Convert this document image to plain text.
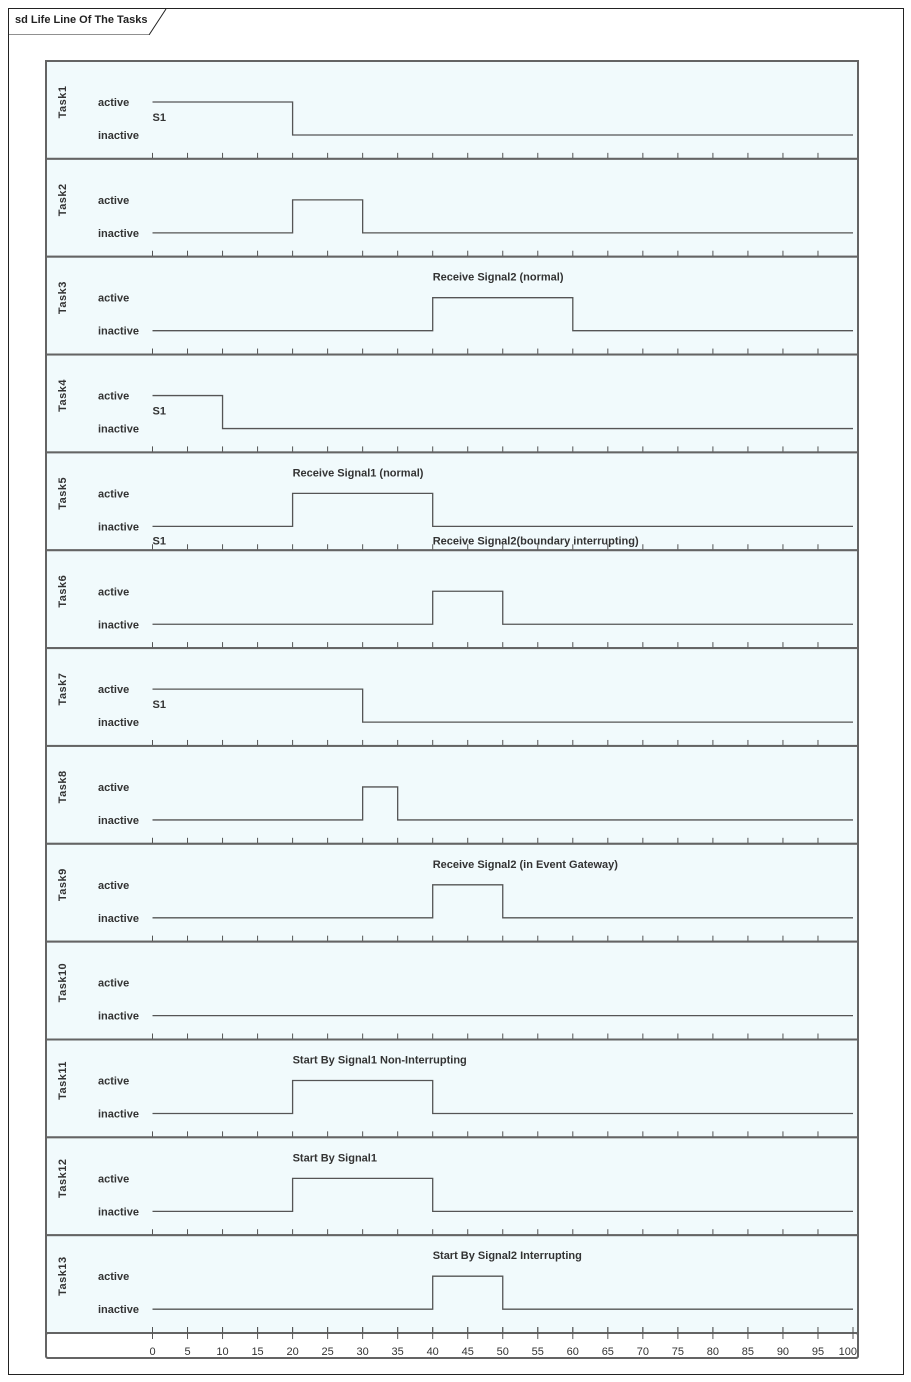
sd Life Line Of The Tasks
Task1	active
inactive
S1
Task2	active
inactive
Task3	active
inactive
Receive Signal2 (normal)
Task4	active
inactive
S1
Task5	active
inactive
Receive Signal1 (normal)
S1	Receive Signal2(boundary interrupting)
Task6	active
inactive
Task7	active
inactive
S1
Task8	active
inactive
Task9	active
inactive
Receive Signal2 (in Event Gateway)
Task10	active
inactive
Task11	active
inactive
Start By Signal1 Non-Interrupting
Task12	active
inactive
Start By Signal1
Task13	active
inactive
Start By Signal2 Interrupting
0	5 10 15 20 25 30 35 40 45 50 55 60 65 70 75 80 85 90 95 100
